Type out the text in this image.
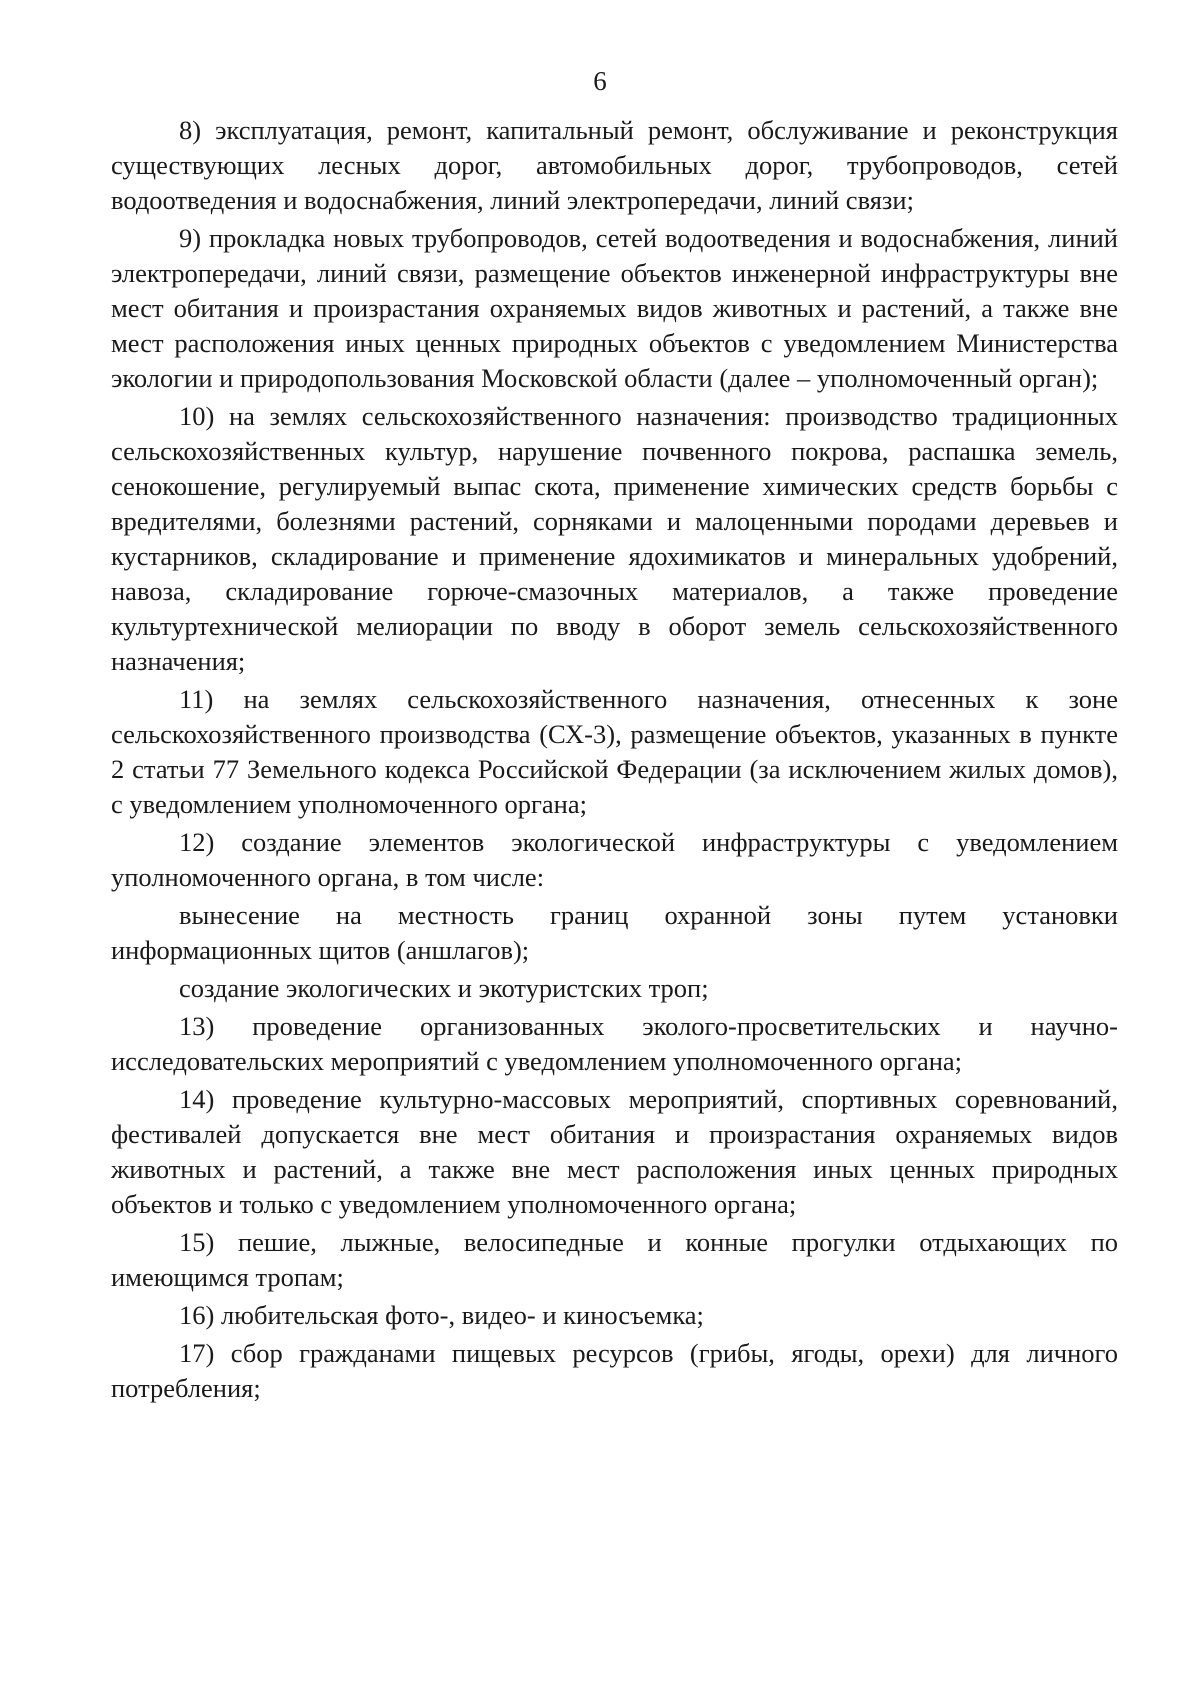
6

8) эксплуатация, ремонт, капитальный ремонт, обслуживание и реконструкция существующих лесных дорог, автомобильных дорог, трубопроводов, сетей водоотведения и водоснабжения, линий электропередачи, линий связи;

9) прокладка новых трубопроводов, сетей водоотведения и водоснабжения, линий электропередачи, линий связи, размещение объектов инженерной инфраструктуры вне мест обитания и произрастания охраняемых видов животных и растений, а также вне мест расположения иных ценных природных объектов с уведомлением Министерства экологии и природопользования Московской области (далее – уполномоченный орган);

10) на землях сельскохозяйственного назначения: производство традиционных сельскохозяйственных культур, нарушение почвенного покрова, распашка земель, сенокошение, регулируемый выпас скота, применение химических средств борьбы с вредителями, болезнями растений, сорняками и малоценными породами деревьев и кустарников, складирование и применение ядохимикатов и минеральных удобрений, навоза, складирование горюче-смазочных материалов, а также проведение культуртехнической мелиорации по вводу в оборот земель сельскохозяйственного назначения;

11) на землях сельскохозяйственного назначения, отнесенных к зоне сельскохозяйственного производства (СХ-3), размещение объектов, указанных в пункте 2 статьи 77 Земельного кодекса Российской Федерации (за исключением жилых домов), с уведомлением уполномоченного органа;

12) создание элементов экологической инфраструктуры с уведомлением уполномоченного органа, в том числе:

вынесение на местность границ охранной зоны путем установки информационных щитов (аншлагов);

создание экологических и экотуристских троп;

13) проведение организованных эколого-просветительских и научно-исследовательских мероприятий с уведомлением уполномоченного органа;

14) проведение культурно-массовых мероприятий, спортивных соревнований, фестивалей допускается вне мест обитания и произрастания охраняемых видов животных и растений, а также вне мест расположения иных ценных природных объектов и только с уведомлением уполномоченного органа;

15) пешие, лыжные, велосипедные и конные прогулки отдыхающих по имеющимся тропам;

16) любительская фото-, видео- и киносъемка;

17) сбор гражданами пищевых ресурсов (грибы, ягоды, орехи) для личного потребления;
